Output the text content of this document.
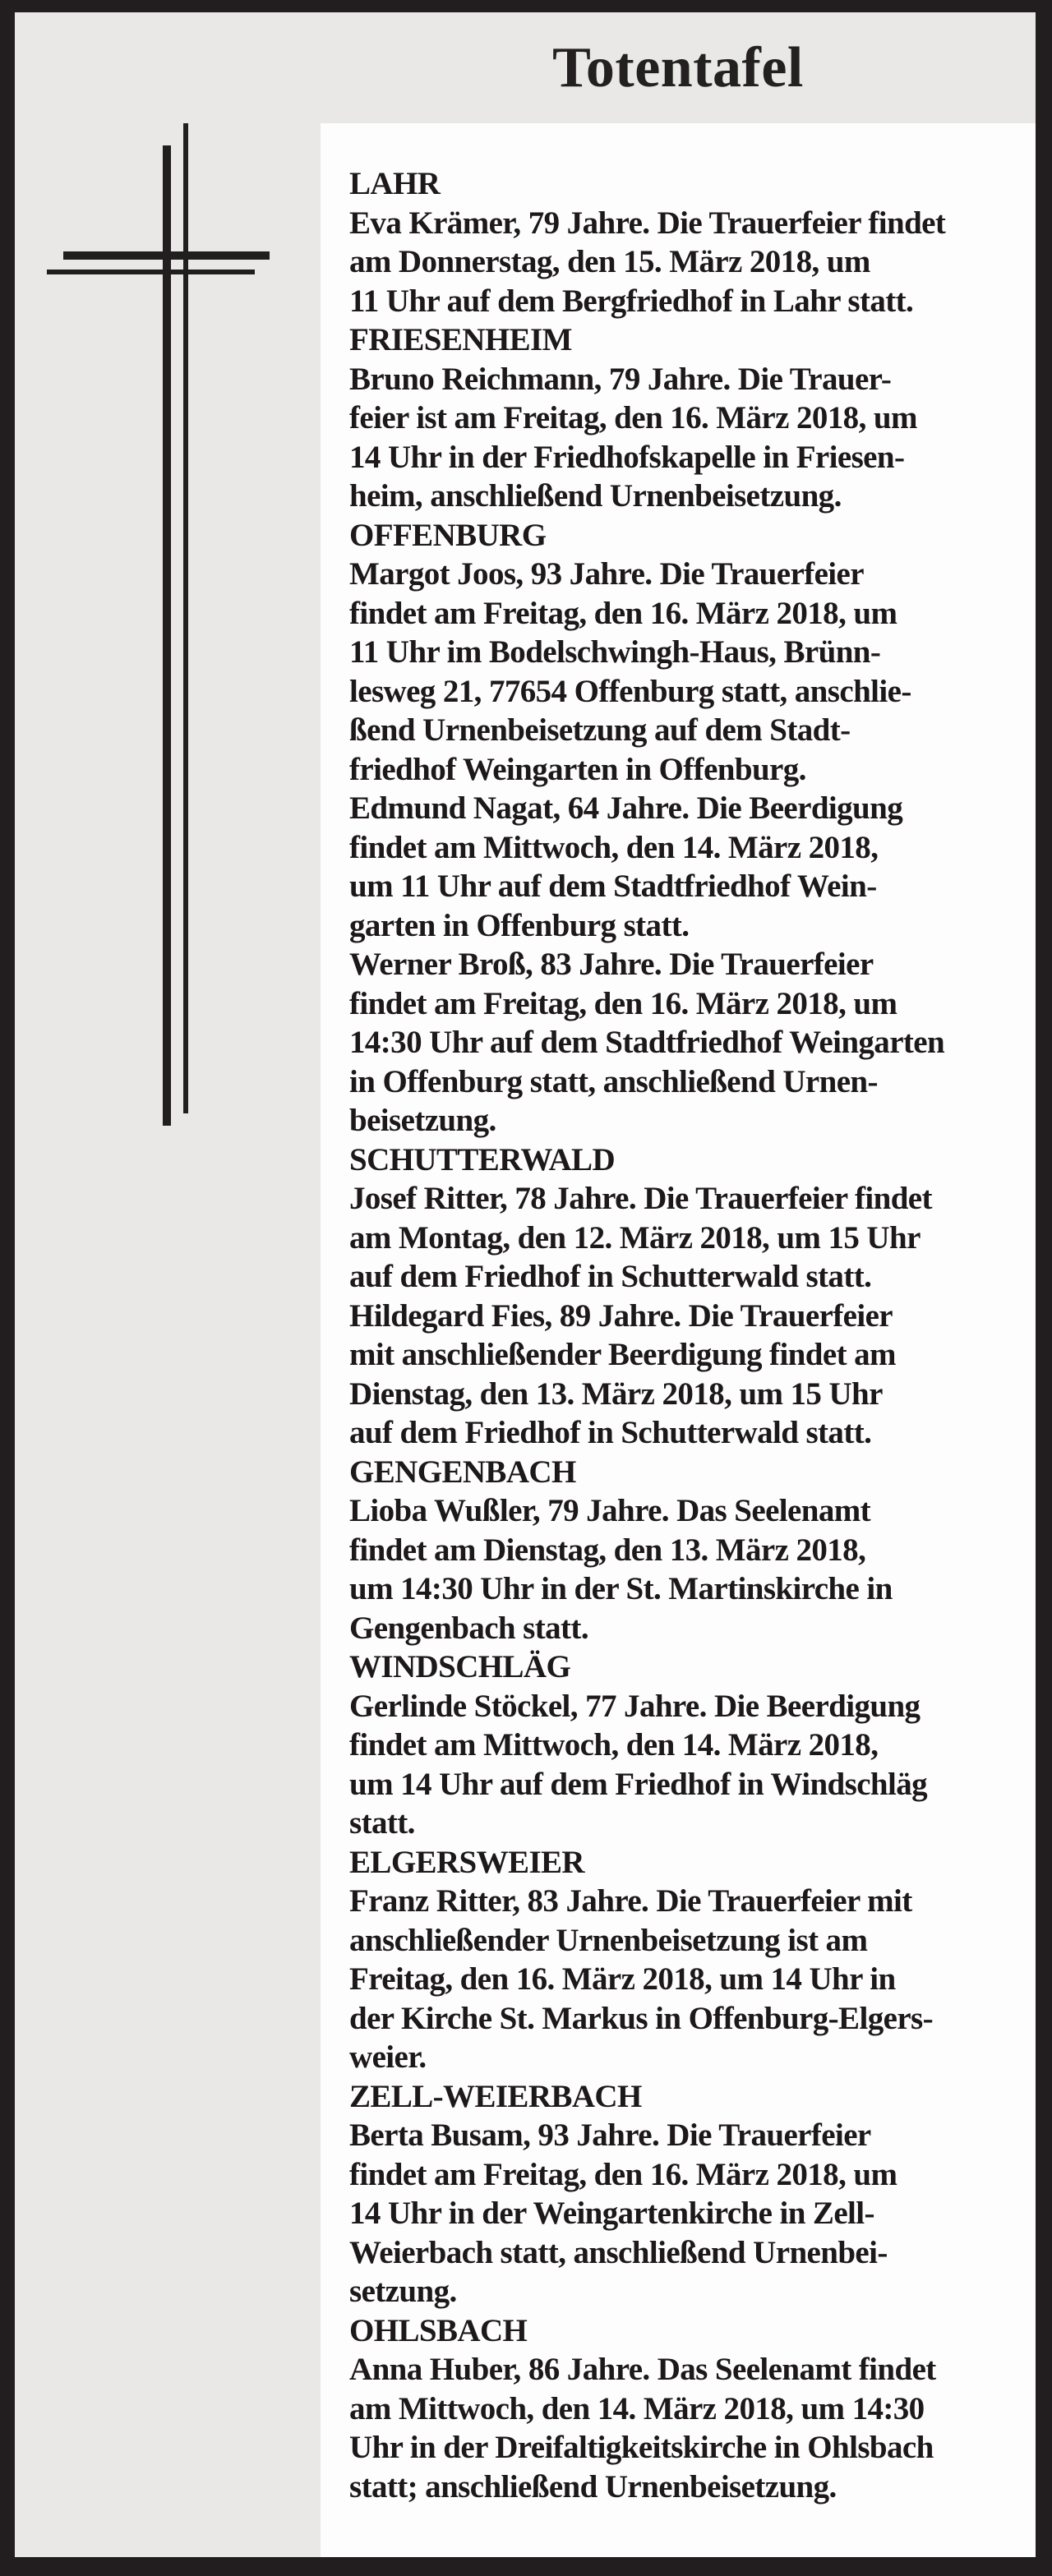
Totentafel
LAHR
Eva Krämer, 79 Jahre. Die Trauerfeier findet
am Donnerstag, den 15. März 2018, um
11 Uhr auf dem Bergfriedhof in Lahr statt.
FRIESENHEIM
Bruno Reichmann, 79 Jahre. Die Trauer-
feier ist am Freitag, den 16. März 2018, um
14 Uhr in der Friedhofskapelle in Friesen-
heim, anschließend Urnenbeisetzung.
OFFENBURG
Margot Joos, 93 Jahre. Die Trauerfeier
findet am Freitag, den 16. März 2018, um
11 Uhr im Bodelschwingh-Haus, Brünn-
lesweg 21, 77654 Offenburg statt, anschlie-
ßend Urnenbeisetzung auf dem Stadt-
friedhof Weingarten in Offenburg.
Edmund Nagat, 64 Jahre. Die Beerdigung
findet am Mittwoch, den 14. März 2018,
um 11 Uhr auf dem Stadtfriedhof Wein-
garten in Offenburg statt.
Werner Broß, 83 Jahre. Die Trauerfeier
findet am Freitag, den 16. März 2018, um
14:30 Uhr auf dem Stadtfriedhof Weingarten
in Offenburg statt, anschließend Urnen-
beisetzung.
SCHUTTERWALD
Josef Ritter, 78 Jahre. Die Trauerfeier findet
am Montag, den 12. März 2018, um 15 Uhr
auf dem Friedhof in Schutterwald statt.
Hildegard Fies, 89 Jahre. Die Trauerfeier
mit anschließender Beerdigung findet am
Dienstag, den 13. März 2018, um 15 Uhr
auf dem Friedhof in Schutterwald statt.
GENGENBACH
Lioba Wußler, 79 Jahre. Das Seelenamt
findet am Dienstag, den 13. März 2018,
um 14:30 Uhr in der St. Martinskirche in
Gengenbach statt.
WINDSCHLÄG
Gerlinde Stöckel, 77 Jahre. Die Beerdigung
findet am Mittwoch, den 14. März 2018,
um 14 Uhr auf dem Friedhof in Windschläg
statt.
ELGERSWEIER
Franz Ritter, 83 Jahre. Die Trauerfeier mit
anschließender Urnenbeisetzung ist am
Freitag, den 16. März 2018, um 14 Uhr in
der Kirche St. Markus in Offenburg-Elgers-
weier.
ZELL-WEIERBACH
Berta Busam, 93 Jahre. Die Trauerfeier
findet am Freitag, den 16. März 2018, um
14 Uhr in der Weingartenkirche in Zell-
Weierbach statt, anschließend Urnenbei-
setzung.
OHLSBACH
Anna Huber, 86 Jahre. Das Seelenamt findet
am Mittwoch, den 14. März 2018, um 14:30
Uhr in der Dreifaltigkeitskirche in Ohlsbach
statt; anschließend Urnenbeisetzung.
